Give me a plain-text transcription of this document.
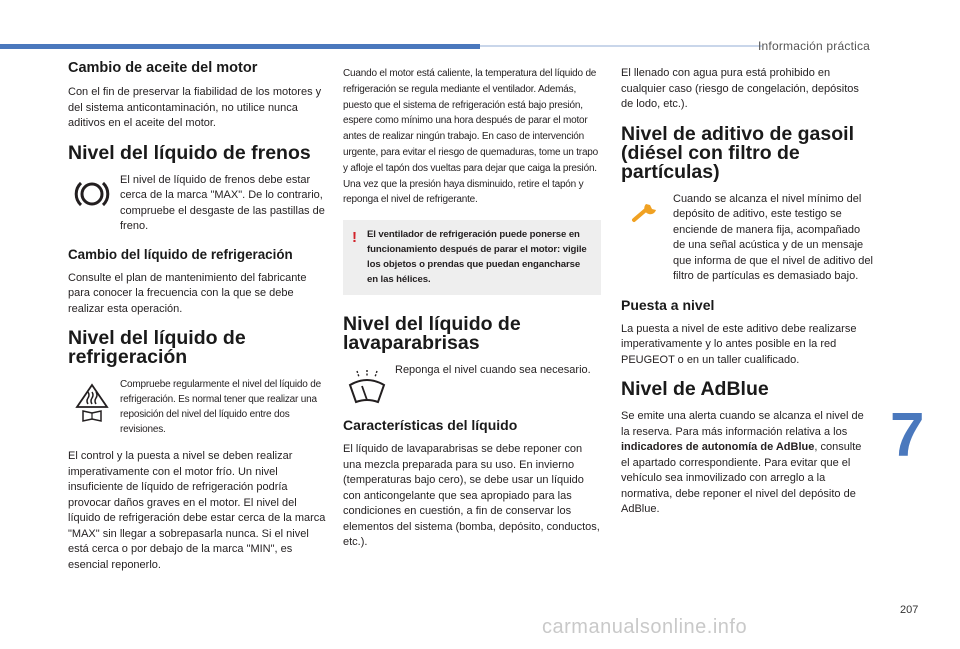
Información práctica
Cambio de aceite del motor

Con el fin de preservar la fiabilidad de los motores y del sistema anticontaminación, no utilice nunca aditivos en el aceite del motor.

Nivel del líquido de frenos

El nivel de líquido de frenos debe estar cerca de la marca "MAX". De lo contrario, compruebe el desgaste de las pastillas de freno.

Cambio del líquido de refrigeración

Consulte el plan de mantenimiento del fabricante para conocer la frecuencia con la que se debe realizar esta operación.

Nivel del líquido de refrigeración

Compruebe regularmente el nivel del líquido de refrigeración. Es normal tener que realizar una reposición del nivel del líquido entre dos revisiones.

El control y la puesta a nivel se deben realizar imperativamente con el motor frío. Un nivel insuficiente de líquido de refrigeración podría provocar daños graves en el motor. El nivel del líquido de refrigeración debe estar cerca de la marca "MAX" sin llegar a sobrepasarla nunca. Si el nivel está cerca o por debajo de la marca "MIN", es esencial reponerlo.

Cuando el motor está caliente, la temperatura del líquido de refrigeración se regula mediante el ventilador. Además, puesto que el sistema de refrigeración está bajo presión, espere como mínimo una hora después de parar el motor antes de realizar ningún trabajo. En caso de intervención urgente, para evitar el riesgo de quemaduras, tome un trapo y afloje el tapón dos vueltas para dejar que caiga la presión. Una vez que la presión haya disminuido, retire el tapón y reponga el nivel de refrigerante.

! El ventilador de refrigeración puede ponerse en funcionamiento después de parar el motor: vigile los objetos o prendas que puedan engancharse en las hélices.

Nivel del líquido de lavaparabrisas

Reponga el nivel cuando sea necesario.

Características del líquido

El líquido de lavaparabrisas se debe reponer con una mezcla preparada para su uso. En invierno (temperaturas bajo cero), se debe usar un líquido con anticongelante que sea apropiado para las condiciones en cuestión, a fin de conservar los elementos del sistema (bomba, depósito, conductos, etc.).

El llenado con agua pura está prohibido en cualquier caso (riesgo de congelación, depósitos de lodo, etc.).

Nivel de aditivo de gasoil (diésel con filtro de partículas)

Cuando se alcanza el nivel mínimo del depósito de aditivo, este testigo se enciende de manera fija, acompañado de una señal acústica y de un mensaje que informa de que el nivel de aditivo del filtro de partículas es demasiado bajo.

Puesta a nivel

La puesta a nivel de este aditivo debe realizarse imperativamente y lo antes posible en la red PEUGEOT o en un taller cualificado.

Nivel de AdBlue

Se emite una alerta cuando se alcanza el nivel de la reserva. Para más información relativa a los indicadores de autonomía de AdBlue, consulte el apartado correspondiente. Para evitar que el vehículo sea inmovilizado con arreglo a la normativa, debe reponer el nivel del depósito de AdBlue.

7
207
carmanualsonline.info
